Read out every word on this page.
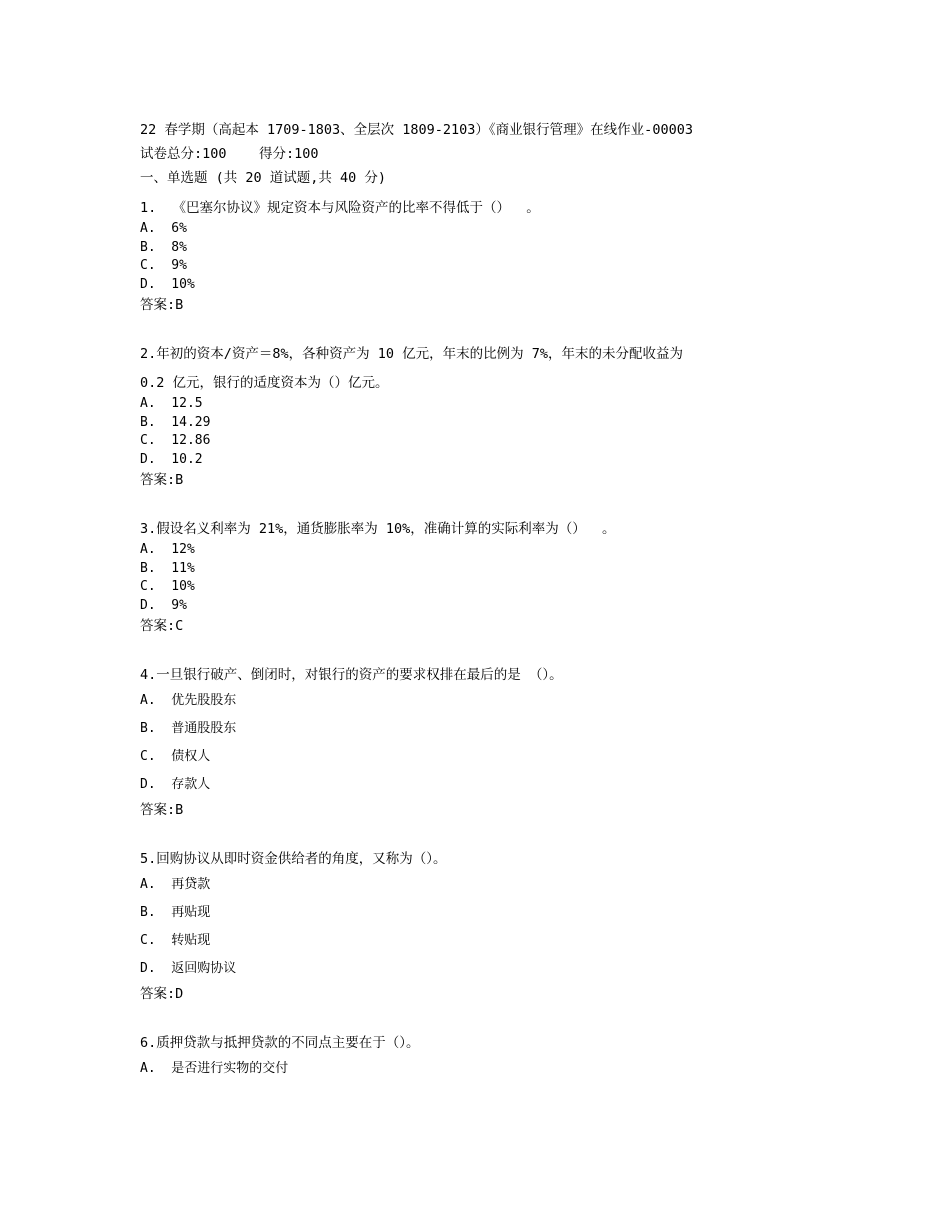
22 春学期（高起本 1709-1803、全层次 1809-2103）《商业银行管理》在线作业-00003
试卷总分:100    得分:100
一、单选题 (共 20 道试题,共 40 分)
1.  《巴塞尔协议》规定资本与风险资产的比率不得低于（）  。
A.  6%
B.  8%
C.  9%
D.  10%
答案:B
2.年初的资本/资产＝8%，各种资产为 10 亿元，年末的比例为 7%，年末的未分配收益为
0.2 亿元，银行的适度资本为（）亿元。
A.  12.5
B.  14.29
C.  12.86
D.  10.2
答案:B
3.假设名义利率为 21%，通货膨胀率为 10%，准确计算的实际利率为（）  。
A.  12%
B.  11%
C.  10%
D.  9%
答案:C
4.一旦银行破产、倒闭时，对银行的资产的要求权排在最后的是 （）。
A.  优先股股东
B.  普通股股东
C.  债权人
D.  存款人
答案:B
5.回购协议从即时资金供给者的角度，又称为（）。
A.  再贷款
B.  再贴现
C.  转贴现
D.  返回购协议
答案:D
6.质押贷款与抵押贷款的不同点主要在于（）。
A.  是否进行实物的交付
